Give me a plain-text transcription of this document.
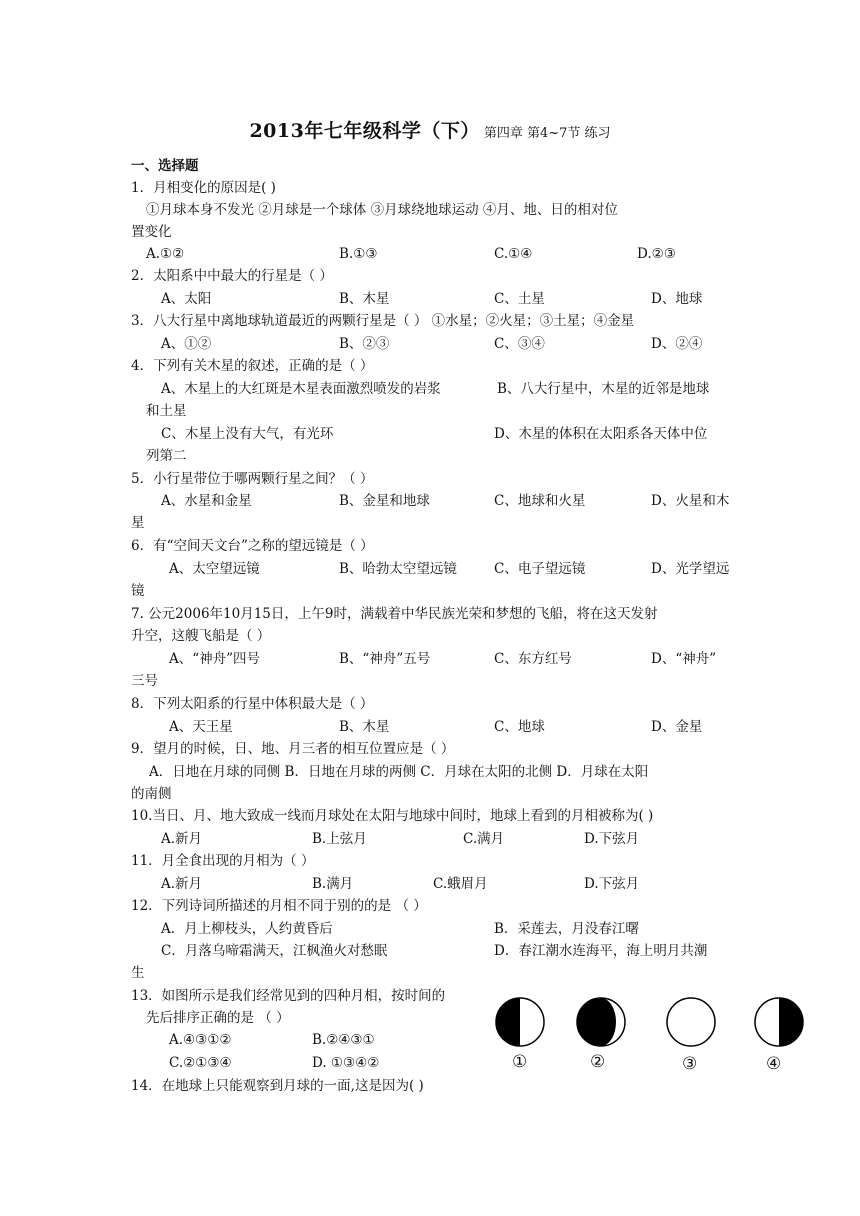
2013年七年级科学（下） 第四章 第4~7节 练习
一、选择题
1．月相变化的原因是( )
①月球本身不发光 ②月球是一个球体 ③月球绕地球运动 ④月、地、日的相对位
置变化
A.①②	B.①③	C.①④	D.②③
2．太阳系中中最大的行星是（ ）
A、太阳	B、木星	C、土星	D、地球
3．八大行星中离地球轨道最近的两颗行星是（ ） ①水星；②火星；③土星；④金星
A、①②	B、②③	C、③④	D、②④
4．下列有关木星的叙述，正确的是（ ）
A、木星上的大红斑是木星表面激烈喷发的岩浆	B、八大行星中，木星的近邻是地球
和土星
C、木星上没有大气，有光环	D、木星的体积在太阳系各天体中位
列第二
5．小行星带位于哪两颗行星之间？（ ）
A、水星和金星	B、金星和地球	C、地球和火星	D、火星和木
星
6．有“空间天文台”之称的望远镜是（ ）
A、太空望远镜	B、哈勃太空望远镜	C、电子望远镜	D、光学望远
镜
7. 公元2006年10月15日，上午9时，满载着中华民族光荣和梦想的飞船，将在这天发射
升空，这艘飞船是（ ）
A、“神舟”四号	B、“神舟”五号	C、东方红号	D、“神舟”
三号
8．下列太阳系的行星中体积最大是（ ）
A、天王星	B、木星	C、地球	D、金星
9．望月的时候，日、地、月三者的相互位置应是（ ）
A．日地在月球的同侧 B．日地在月球的两侧 C．月球在太阳的北侧 D．月球在太阳
的南侧
10.当日、月、地大致成一线而月球处在太阳与地球中间时，地球上看到的月相被称为( )
A.新月	B.上弦月	C.满月	D.下弦月
11．月全食出现的月相为（ ）
A.新月	B.满月	C.蛾眉月	D.下弦月
12．下列诗词所描述的月相不同于别的的是 （ ）
A．月上柳枝头，人约黄昏后	B．采莲去，月没春江曙
C．月落乌啼霜满天，江枫渔火对愁眠	D．春江潮水连海平，海上明月共潮
生
13．如图所示是我们经常见到的四种月相，按时间的
先后排序正确的是 （ ）
A.④③①②	B.②④③①
C.②①③④	D. ①③④②	①	②	③	④
14．在地球上只能观察到月球的一面,这是因为( )
